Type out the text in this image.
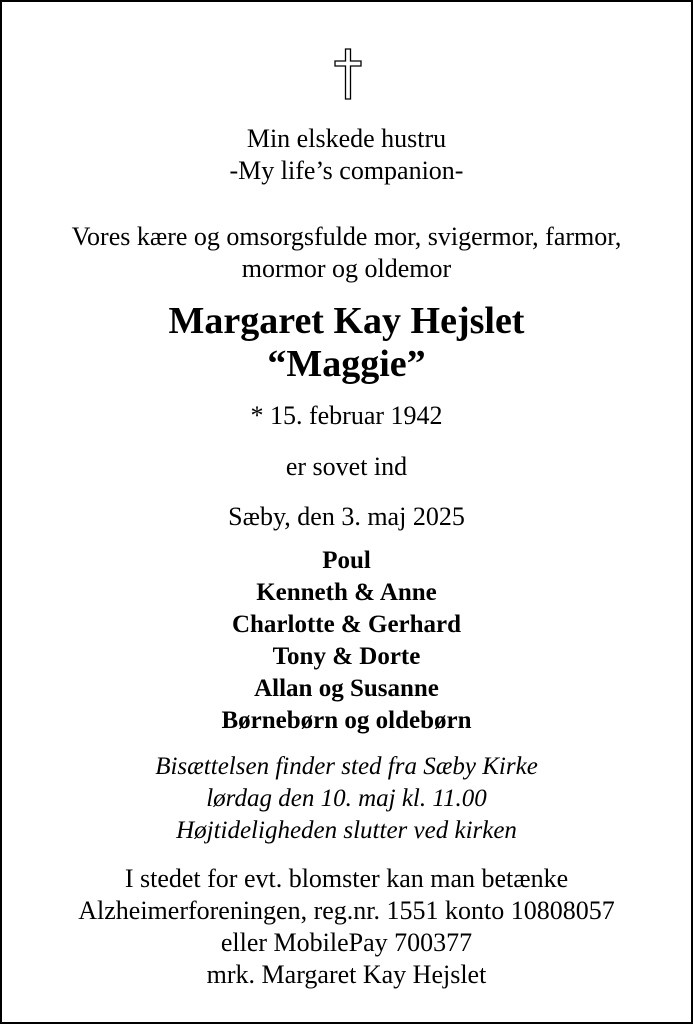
Min elskede hustru
-My life’s companion-
Vores kære og omsorgsfulde mor, svigermor, farmor,
mormor og oldemor
Margaret Kay Hejslet
“Maggie”
* 15. februar 1942
er sovet ind
Sæby, den 3. maj 2025
Poul
Kenneth & Anne
Charlotte & Gerhard
Tony & Dorte
Allan og Susanne
Børnebørn og oldebørn
Bisættelsen finder sted fra Sæby Kirke
lørdag den 10. maj kl. 11.00
Højtideligheden slutter ved kirken
I stedet for evt. blomster kan man betænke
Alzheimerforeningen, reg.nr. 1551 konto 10808057
eller MobilePay 700377
mrk. Margaret Kay Hejslet
